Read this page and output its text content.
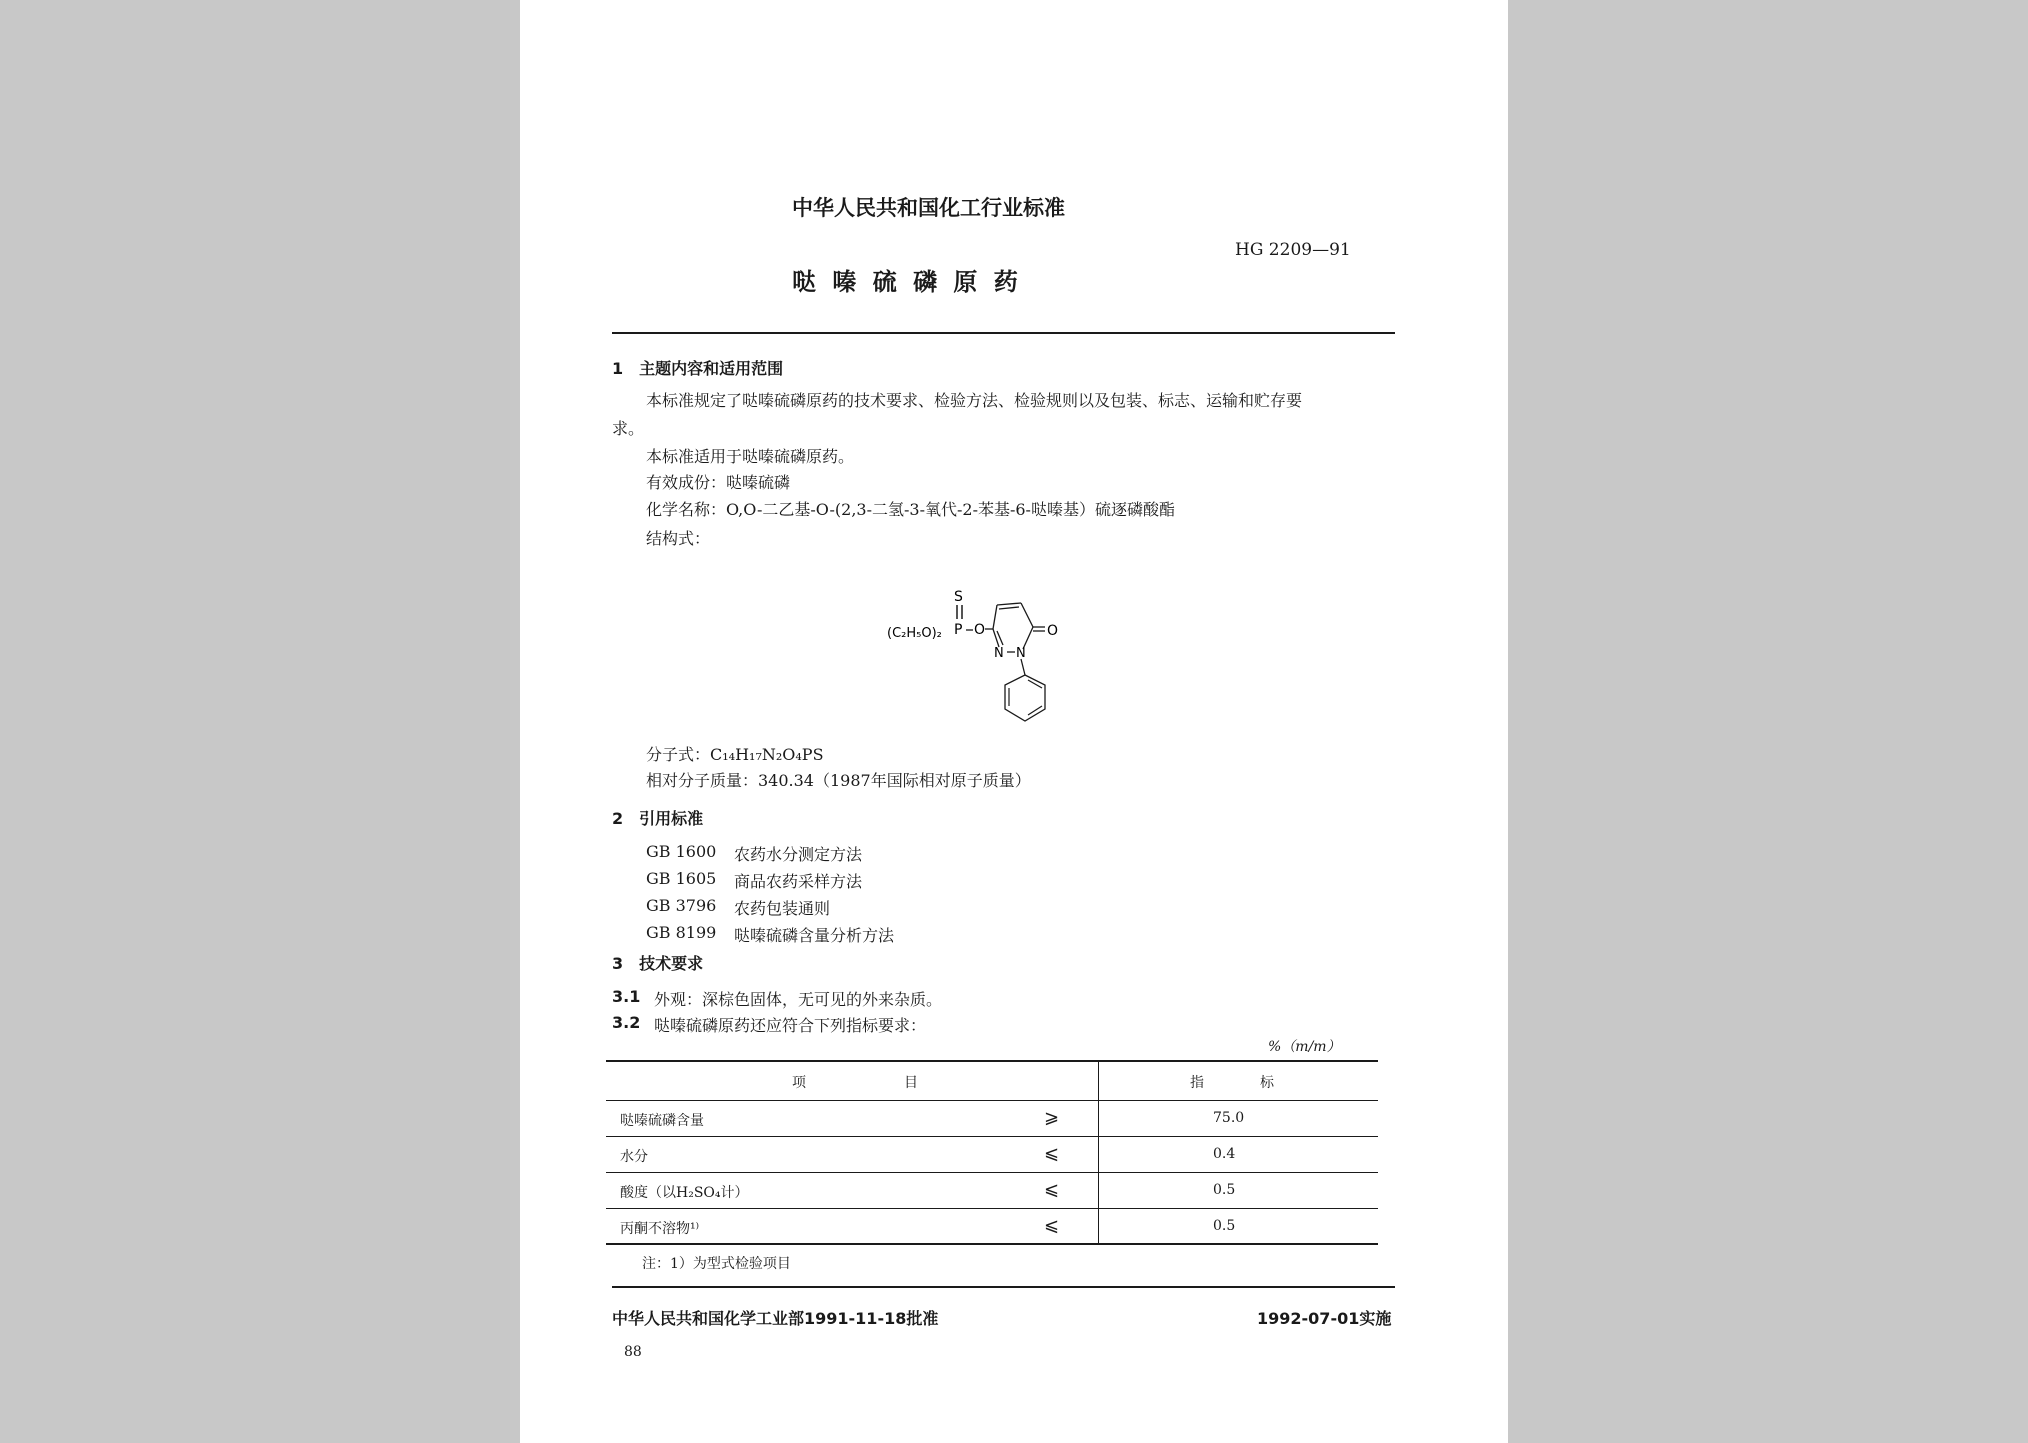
中华人民共和国化工行业标准
HG 2209—91
哒 嗪 硫 磷 原 药
1　主题内容和适用范围
本标准规定了哒嗪硫磷原药的技术要求、检验方法、检验规则以及包装、标志、运输和贮存要
求。
本标准适用于哒嗪硫磷原药。
有效成份：哒嗪硫磷
化学名称：O,O-二乙基-O-(2,3-二氢-3-氧代-2-苯基-6-哒嗪基）硫逐磷酸酯
结构式：
S
(C₂H₅O)₂ P O
N N
O
分子式：C₁₄H₁₇N₂O₄PS
相对分子质量：340.34（1987年国际相对原子质量）
2　引用标准
GB 1600 农药水分测定方法
GB 1605 商品农药采样方法
GB 3796 农药包装通则
GB 8199 哒嗪硫磷含量分析方法
3　技术要求
3.1 外观：深棕色固体，无可见的外来杂质。
3.2 哒嗪硫磷原药还应符合下列指标要求：
%（m/m）
项　　　　　　　目	指　　　　标
哒嗪硫磷含量	⩾	75.0
水分	⩽	0.4
酸度（以H₂SO₄计）	⩽	0.5
丙酮不溶物¹⁾	⩽	0.5
注：1）为型式检验项目
中华人民共和国化学工业部1991-11-18批准	1992-07-01实施
88
